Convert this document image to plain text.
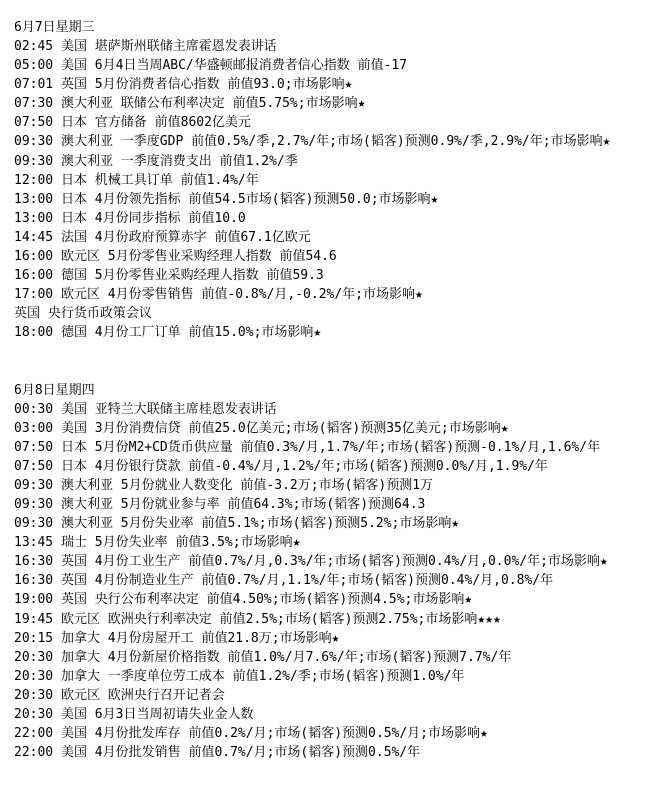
6月7日星期三
02:45 美国 堪萨斯州联储主席霍恩发表讲话
05:00 美国 6月4日当周ABC/华盛顿邮报消费者信心指数 前值-17
07:01 英国 5月份消费者信心指数 前值93.0;市场影响★
07:30 澳大利亚 联储公布利率决定 前值5.75%;市场影响★
07:50 日本 官方储备 前值8602亿美元
09:30 澳大利亚 一季度GDP 前值0.5%/季,2.7%/年;市场(韬客)预测0.9%/季,2.9%/年;市场影响★
09:30 澳大利亚 一季度消费支出 前值1.2%/季
12:00 日本 机械工具订单 前值1.4%/年
13:00 日本 4月份领先指标 前值54.5市场(韬客)预测50.0;市场影响★
13:00 日本 4月份同步指标 前值10.0
14:45 法国 4月份政府预算赤字 前值67.1亿欧元
16:00 欧元区 5月份零售业采购经理人指数 前值54.6
16:00 德国 5月份零售业采购经理人指数 前值59.3
17:00 欧元区 4月份零售销售 前值-0.8%/月,-0.2%/年;市场影响★
英国 央行货币政策会议
18:00 德国 4月份工厂订单 前值15.0%;市场影响★
6月8日星期四
00:30 美国 亚特兰大联储主席桂恩发表讲话
03:00 美国 3月份消费信贷 前值25.0亿美元;市场(韬客)预测35亿美元;市场影响★
07:50 日本 5月份M2+CD货币供应量 前值0.3%/月,1.7%/年;市场(韬客)预测-0.1%/月,1.6%/年
07:50 日本 4月份银行贷款 前值-0.4%/月,1.2%/年;市场(韬客)预测0.0%/月,1.9%/年
09:30 澳大利亚 5月份就业人数变化 前值-3.2万;市场(韬客)预测1万
09:30 澳大利亚 5月份就业参与率 前值64.3%;市场(韬客)预测64.3
09:30 澳大利亚 5月份失业率 前值5.1%;市场(韬客)预测5.2%;市场影响★
13:45 瑞士 5月份失业率 前值3.5%;市场影响★
16:30 英国 4月份工业生产 前值0.7%/月,0.3%/年;市场(韬客)预测0.4%/月,0.0%/年;市场影响★
16:30 英国 4月份制造业生产 前值0.7%/月,1.1%/年;市场(韬客)预测0.4%/月,0.8%/年
19:00 英国 央行公布利率决定 前值4.50%;市场(韬客)预测4.5%;市场影响★
19:45 欧元区 欧洲央行利率决定 前值2.5%;市场(韬客)预测2.75%;市场影响★★★
20:15 加拿大 4月份房屋开工 前值21.8万;市场影响★
20:30 加拿大 4月份新屋价格指数 前值1.0%/月7.6%/年;市场(韬客)预测7.7%/年
20:30 加拿大 一季度单位劳工成本 前值1.2%/季;市场(韬客)预测1.0%/年
20:30 欧元区 欧洲央行召开记者会
20:30 美国 6月3日当周初请失业金人数
22:00 美国 4月份批发库存 前值0.2%/月;市场(韬客)预测0.5%/月;市场影响★
22:00 美国 4月份批发销售 前值0.7%/月;市场(韬客)预测0.5%/年
